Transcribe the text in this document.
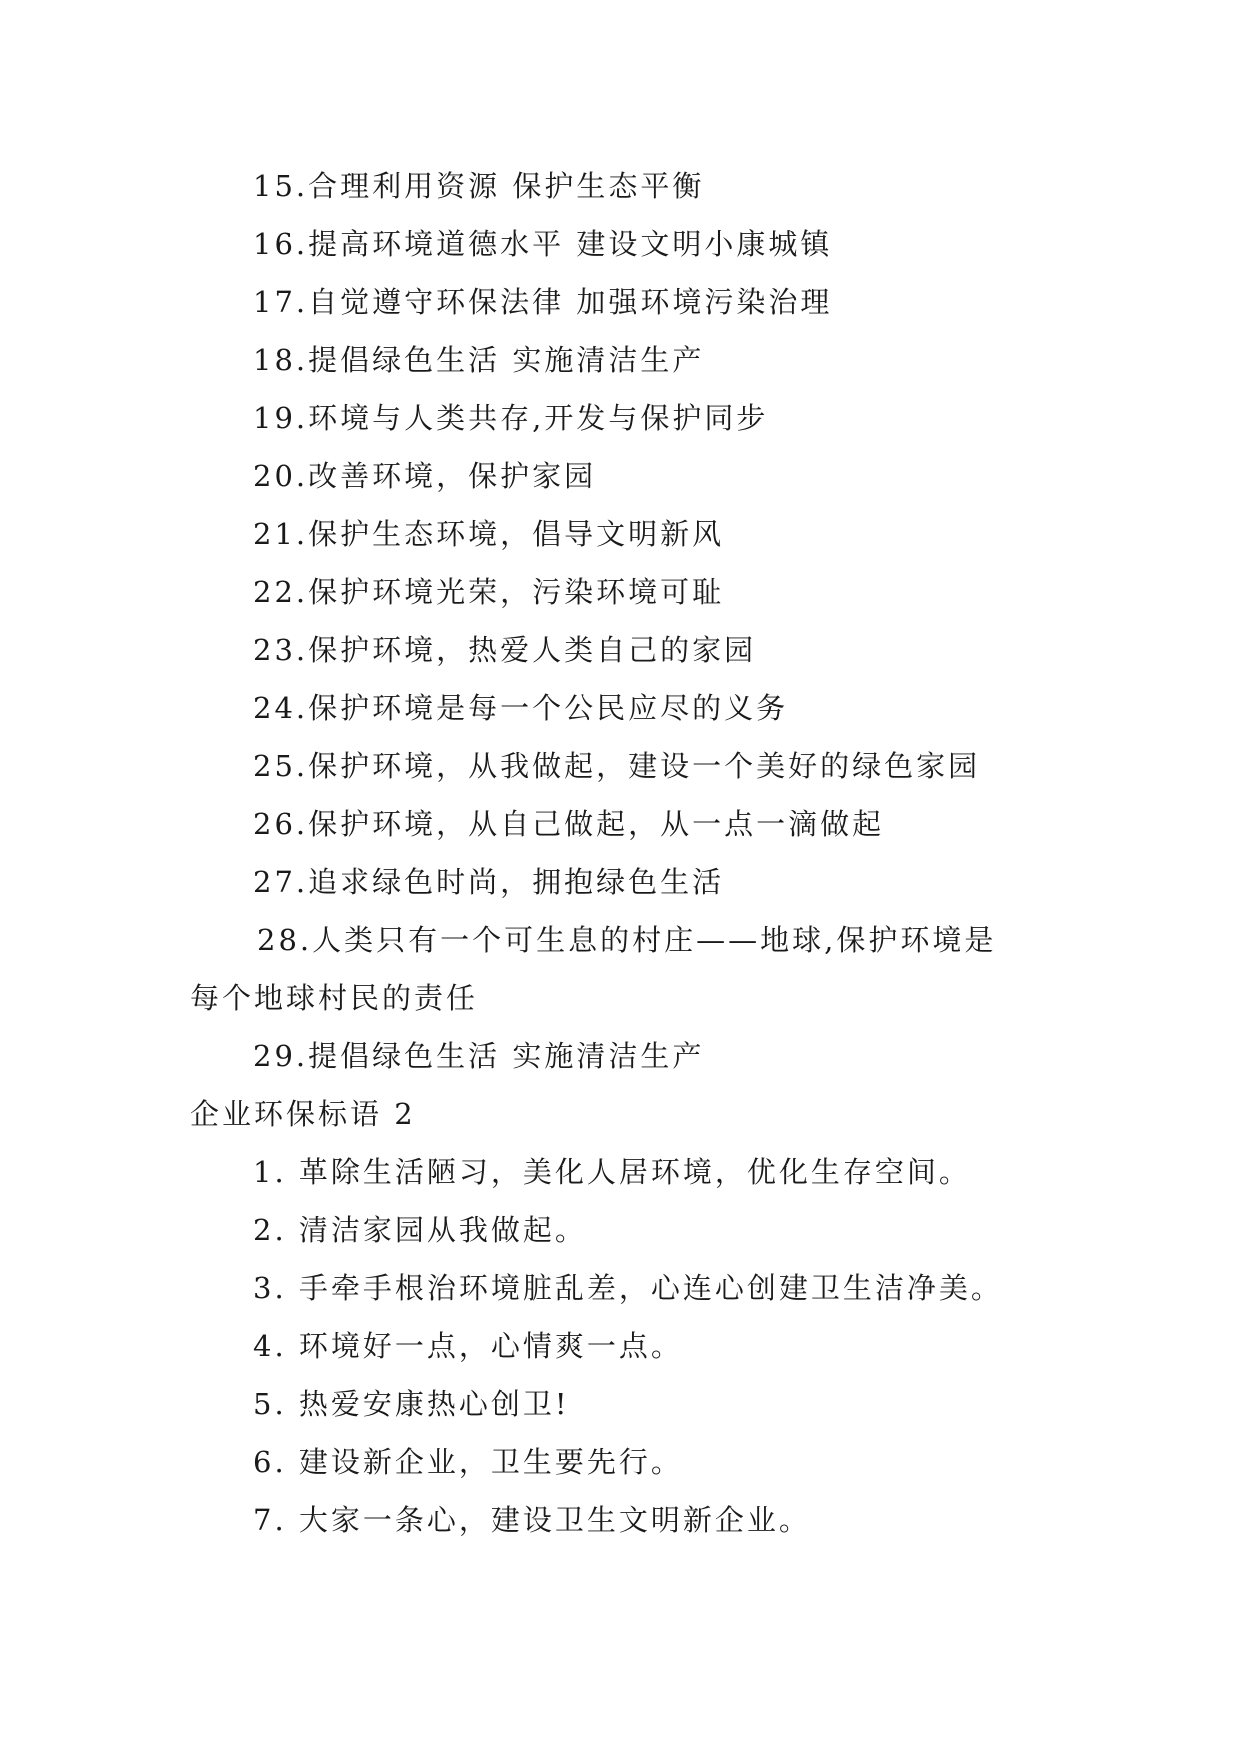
15.合理利用资源 保护生态平衡
16.提高环境道德水平 建设文明小康城镇
17.自觉遵守环保法律 加强环境污染治理
18.提倡绿色生活 实施清洁生产
19.环境与人类共存,开发与保护同步
20.改善环境，保护家园
21.保护生态环境，倡导文明新风
22.保护环境光荣，污染环境可耻
23.保护环境，热爱人类自己的家园
24.保护环境是每一个公民应尽的义务
25.保护环境，从我做起，建设一个美好的绿色家园
26.保护环境，从自己做起，从一点一滴做起
27.追求绿色时尚，拥抱绿色生活
28.人类只有一个可生息的村庄——地球,保护环境是
每个地球村民的责任
29.提倡绿色生活 实施清洁生产
企业环保标语 2
1. 革除生活陋习，美化人居环境，优化生存空间。
2. 清洁家园从我做起。
3. 手牵手根治环境脏乱差，心连心创建卫生洁净美。
4. 环境好一点，心情爽一点。
5. 热爱安康热心创卫!
6. 建设新企业，卫生要先行。
7. 大家一条心，建设卫生文明新企业。
